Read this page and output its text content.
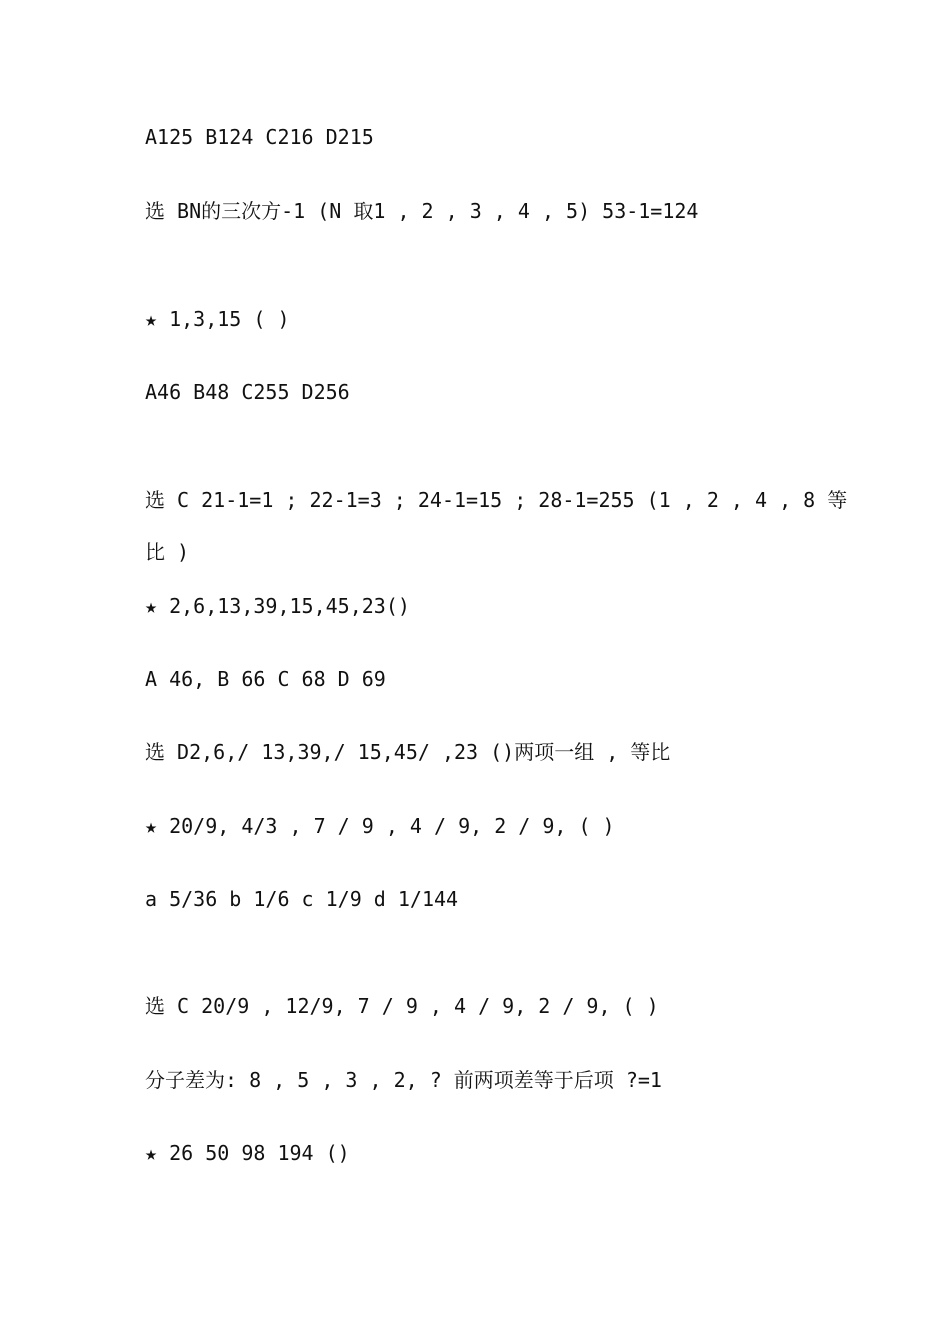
A125 B124 C216 D215

选 BN的三次方-1 (N 取1 , 2 , 3 , 4 , 5) 53-1=124

★ 1,3,15 ( )

A46 B48 C255 D256

选 C 21-1=1 ; 22-1=3 ; 24-1=15 ; 28-1=255 (1 , 2 , 4 , 8 等

比 )

★ 2,6,13,39,15,45,23()

A 46, B 66 C 68 D 69

选 D2,6,/ 13,39,/ 15,45/ ,23 ()两项一组 , 等比

★ 20/9, 4/3 , 7 / 9 , 4 / 9, 2 / 9, ( )

a 5/36 b 1/6 c 1/9 d 1/144

选 C 20/9 , 12/9, 7 / 9 , 4 / 9, 2 / 9, ( )

分子差为: 8 , 5 , 3 , 2, ? 前两项差等于后项 ?=1

★ 26 50 98 194 ()
